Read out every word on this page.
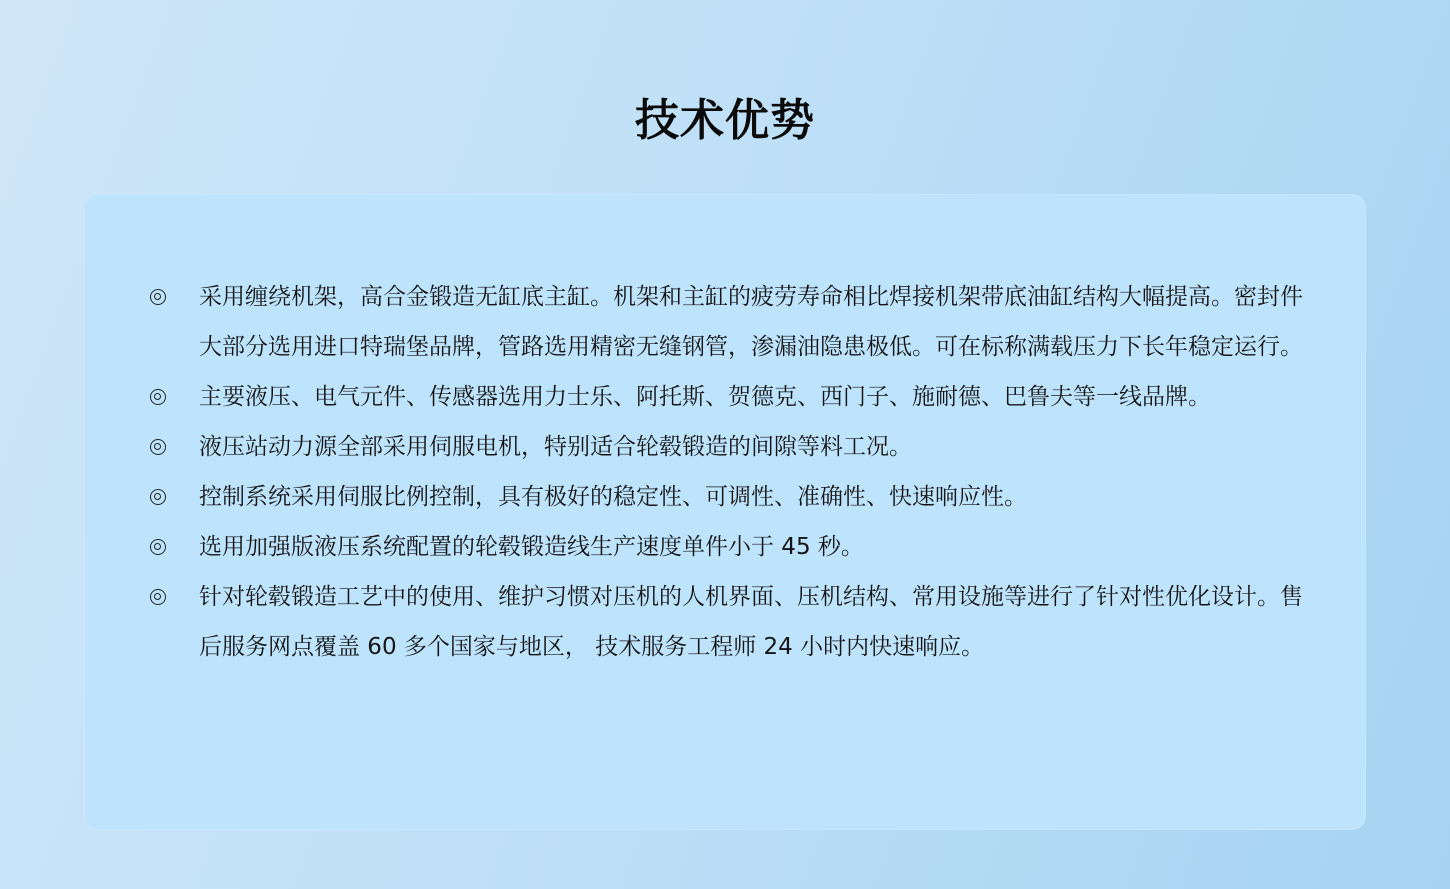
技术优势
采用缠绕机架，高合金锻造无缸底主缸。机架和主缸的疲劳寿命相比焊接机架带底油缸结构大幅提高。密封件大部分选用进口特瑞堡品牌，管路选用精密无缝钢管，渗漏油隐患极低。可在标称满载压力下长年稳定运行。
主要液压、电气元件、传感器选用力士乐、阿托斯、贺德克、西门子、施耐德、巴鲁夫等一线品牌。
液压站动力源全部采用伺服电机，特别适合轮毂锻造的间隙等料工况。
控制系统采用伺服比例控制，具有极好的稳定性、可调性、准确性、快速响应性。
选用加强版液压系统配置的轮毂锻造线生产速度单件小于 45 秒。
针对轮毂锻造工艺中的使用、维护习惯对压机的人机界面、压机结构、常用设施等进行了针对性优化设计。售后服务网点覆盖 60 多个国家与地区， 技术服务工程师 24 小时内快速响应。
